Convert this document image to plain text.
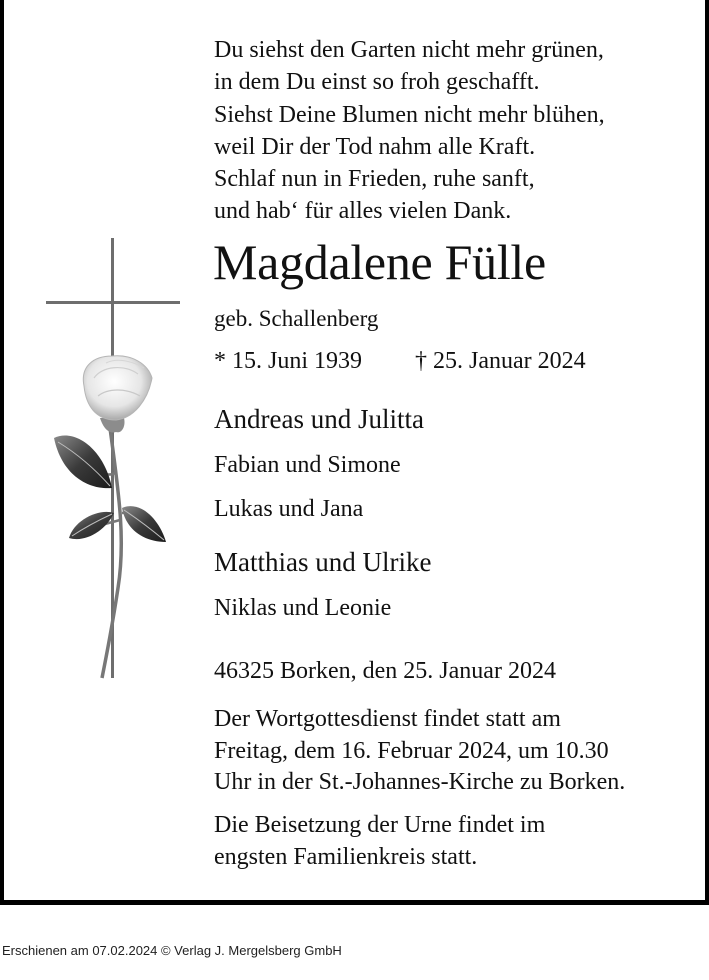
Du siehst den Garten nicht mehr grünen,
in dem Du einst so froh geschafft.
Siehst Deine Blumen nicht mehr blühen,
weil Dir der Tod nahm alle Kraft.
Schlaf nun in Frieden, ruhe sanft,
und hab‘ für alles vielen Dank.
Magdalene Fülle
geb. Schallenberg
* 15. Juni 1939 † 25. Januar 2024
Andreas und Julitta
Fabian und Simone
Lukas und Jana
Matthias und Ulrike
Niklas und Leonie
46325 Borken, den 25. Januar 2024
Der Wortgottesdienst findet statt am
Freitag, dem 16. Februar 2024, um 10.30
Uhr in der St.-Johannes-Kirche zu Borken.
Die Beisetzung der Urne findet im
engsten Familienkreis statt.
Erschienen am 07.02.2024 © Verlag J. Mergelsberg GmbH
